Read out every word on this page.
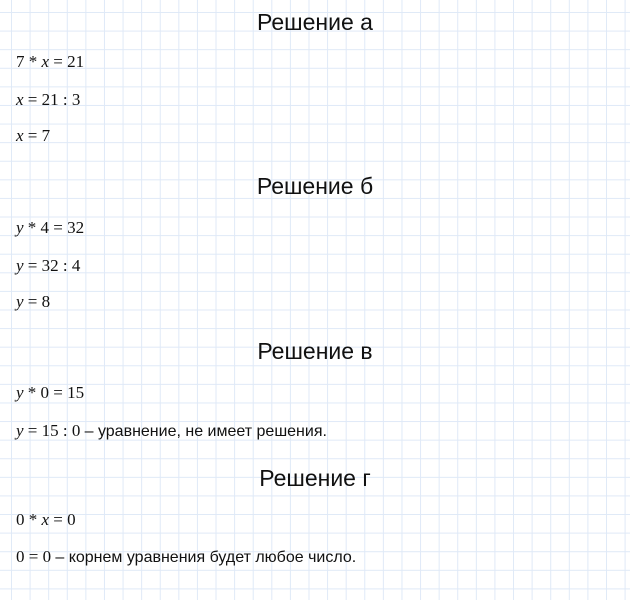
Решение а
7 * x = 21
x = 21 : 3
x = 7
Решение б
y * 4 = 32
y = 32 : 4
y = 8
Решение в
y * 0 = 15
y = 15 : 0 – уравнение, не имеет решения.
Решение г
0 * x = 0
0 = 0 – корнем уравнения будет любое число.
